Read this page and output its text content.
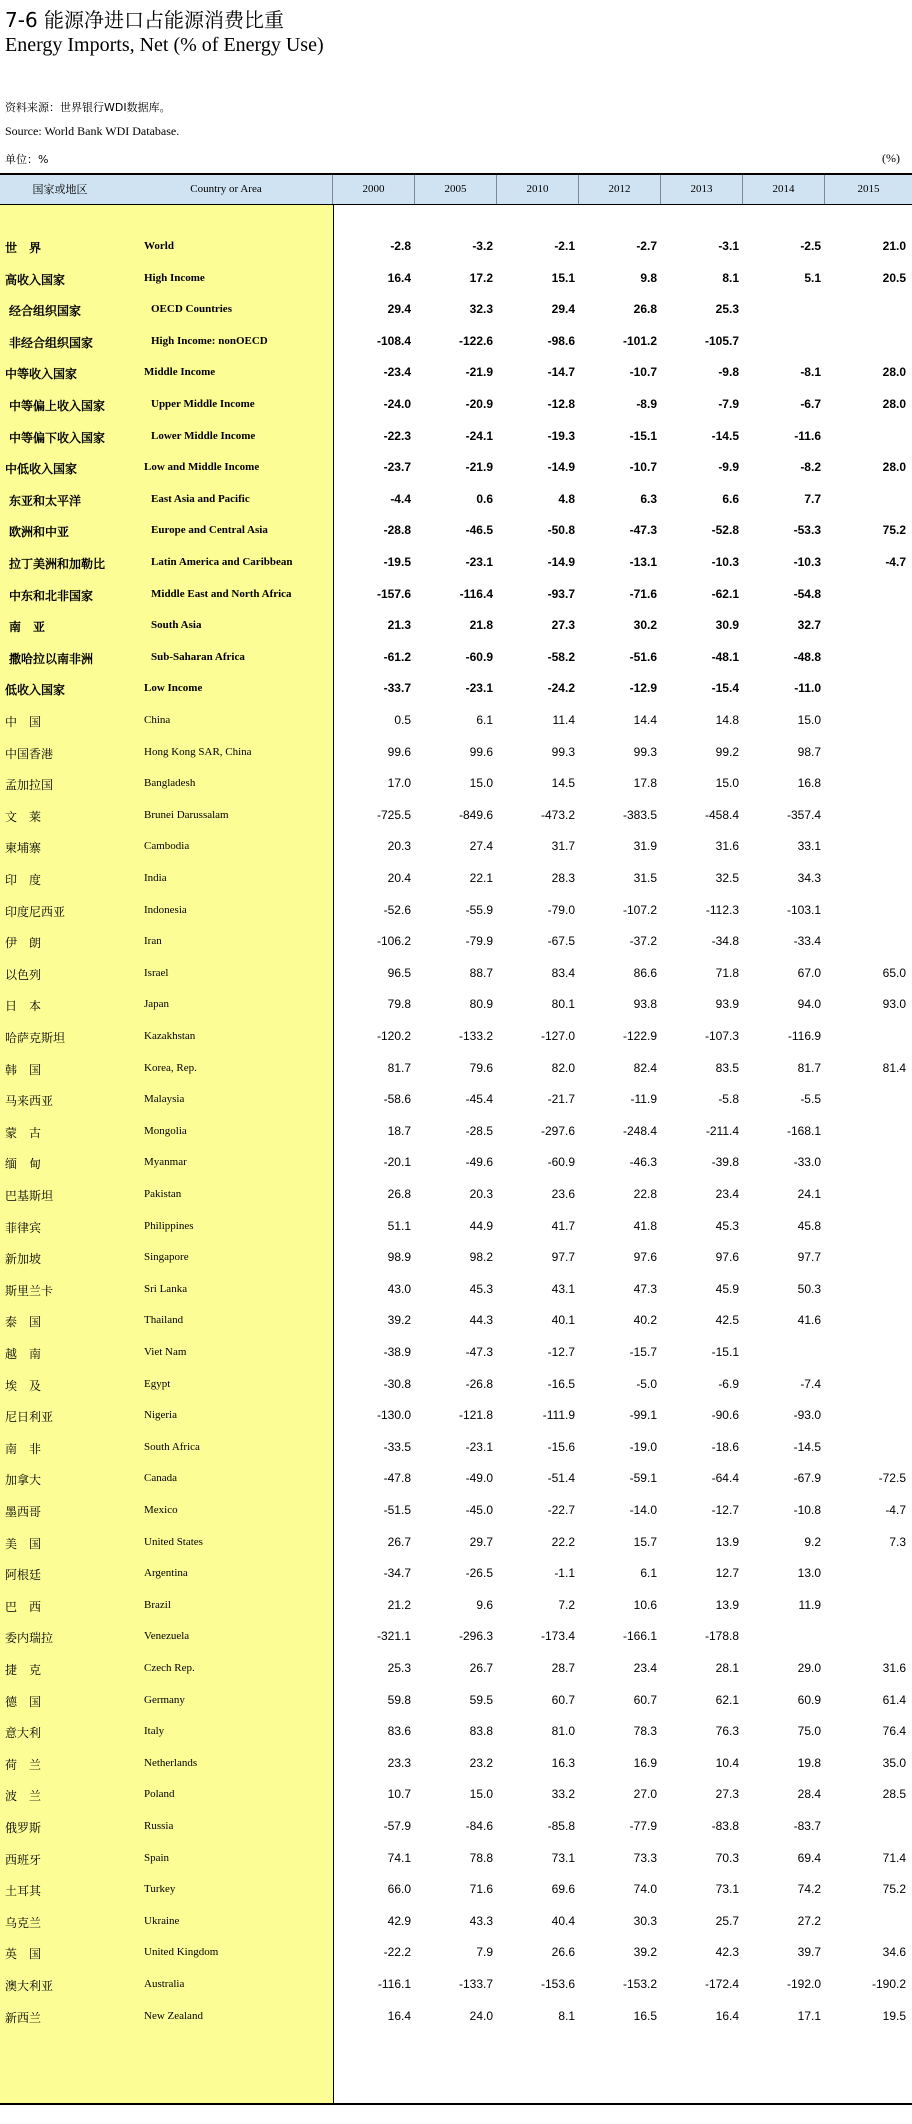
7-6 能源净进口占能源消费比重
Energy Imports, Net (% of Energy Use)
资料来源：世界银行WDI数据库。
Source: World Bank WDI Database.
单位：%	(%)
国家或地区	Country or Area	2000	2005	2010	2012	2013	2014	2015
世　界	World	-2.8	-3.2	-2.1	-2.7	-3.1	-2.5	21.0
高收入国家	High Income	16.4	17.2	15.1	9.8	8.1	5.1	20.5
经合组织国家	OECD Countries	29.4	32.3	29.4	26.8	25.3
非经合组织国家	High Income: nonOECD	-108.4	-122.6	-98.6	-101.2	-105.7
中等收入国家	Middle Income	-23.4	-21.9	-14.7	-10.7	-9.8	-8.1	28.0
中等偏上收入国家	Upper Middle Income	-24.0	-20.9	-12.8	-8.9	-7.9	-6.7	28.0
中等偏下收入国家	Lower Middle Income	-22.3	-24.1	-19.3	-15.1	-14.5	-11.6
中低收入国家	Low and Middle Income	-23.7	-21.9	-14.9	-10.7	-9.9	-8.2	28.0
东亚和太平洋	East Asia and Pacific	-4.4	0.6	4.8	6.3	6.6	7.7
欧洲和中亚	Europe and Central Asia	-28.8	-46.5	-50.8	-47.3	-52.8	-53.3	75.2
拉丁美洲和加勒比	Latin America and Caribbean	-19.5	-23.1	-14.9	-13.1	-10.3	-10.3	-4.7
中东和北非国家	Middle East and North Africa	-157.6	-116.4	-93.7	-71.6	-62.1	-54.8
南　亚	South Asia	21.3	21.8	27.3	30.2	30.9	32.7
撒哈拉以南非洲	Sub-Saharan Africa	-61.2	-60.9	-58.2	-51.6	-48.1	-48.8
低收入国家	Low Income	-33.7	-23.1	-24.2	-12.9	-15.4	-11.0
中　国	China	0.5	6.1	11.4	14.4	14.8	15.0
中国香港	Hong Kong SAR, China	99.6	99.6	99.3	99.3	99.2	98.7
孟加拉国	Bangladesh	17.0	15.0	14.5	17.8	15.0	16.8
文　莱	Brunei Darussalam	-725.5	-849.6	-473.2	-383.5	-458.4	-357.4
柬埔寨	Cambodia	20.3	27.4	31.7	31.9	31.6	33.1
印　度	India	20.4	22.1	28.3	31.5	32.5	34.3
印度尼西亚	Indonesia	-52.6	-55.9	-79.0	-107.2	-112.3	-103.1
伊　朗	Iran	-106.2	-79.9	-67.5	-37.2	-34.8	-33.4
以色列	Israel	96.5	88.7	83.4	86.6	71.8	67.0	65.0
日　本	Japan	79.8	80.9	80.1	93.8	93.9	94.0	93.0
哈萨克斯坦	Kazakhstan	-120.2	-133.2	-127.0	-122.9	-107.3	-116.9
韩　国	Korea, Rep.	81.7	79.6	82.0	82.4	83.5	81.7	81.4
马来西亚	Malaysia	-58.6	-45.4	-21.7	-11.9	-5.8	-5.5
蒙　古	Mongolia	18.7	-28.5	-297.6	-248.4	-211.4	-168.1
缅　甸	Myanmar	-20.1	-49.6	-60.9	-46.3	-39.8	-33.0
巴基斯坦	Pakistan	26.8	20.3	23.6	22.8	23.4	24.1
菲律宾	Philippines	51.1	44.9	41.7	41.8	45.3	45.8
新加坡	Singapore	98.9	98.2	97.7	97.6	97.6	97.7
斯里兰卡	Sri Lanka	43.0	45.3	43.1	47.3	45.9	50.3
泰　国	Thailand	39.2	44.3	40.1	40.2	42.5	41.6
越　南	Viet Nam	-38.9	-47.3	-12.7	-15.7	-15.1
埃　及	Egypt	-30.8	-26.8	-16.5	-5.0	-6.9	-7.4
尼日利亚	Nigeria	-130.0	-121.8	-111.9	-99.1	-90.6	-93.0
南　非	South Africa	-33.5	-23.1	-15.6	-19.0	-18.6	-14.5
加拿大	Canada	-47.8	-49.0	-51.4	-59.1	-64.4	-67.9	-72.5
墨西哥	Mexico	-51.5	-45.0	-22.7	-14.0	-12.7	-10.8	-4.7
美　国	United States	26.7	29.7	22.2	15.7	13.9	9.2	7.3
阿根廷	Argentina	-34.7	-26.5	-1.1	6.1	12.7	13.0
巴　西	Brazil	21.2	9.6	7.2	10.6	13.9	11.9
委内瑞拉	Venezuela	-321.1	-296.3	-173.4	-166.1	-178.8
捷　克	Czech Rep.	25.3	26.7	28.7	23.4	28.1	29.0	31.6
德　国	Germany	59.8	59.5	60.7	60.7	62.1	60.9	61.4
意大利	Italy	83.6	83.8	81.0	78.3	76.3	75.0	76.4
荷　兰	Netherlands	23.3	23.2	16.3	16.9	10.4	19.8	35.0
波　兰	Poland	10.7	15.0	33.2	27.0	27.3	28.4	28.5
俄罗斯	Russia	-57.9	-84.6	-85.8	-77.9	-83.8	-83.7
西班牙	Spain	74.1	78.8	73.1	73.3	70.3	69.4	71.4
土耳其	Turkey	66.0	71.6	69.6	74.0	73.1	74.2	75.2
乌克兰	Ukraine	42.9	43.3	40.4	30.3	25.7	27.2
英　国	United Kingdom	-22.2	7.9	26.6	39.2	42.3	39.7	34.6
澳大利亚	Australia	-116.1	-133.7	-153.6	-153.2	-172.4	-192.0	-190.2
新西兰	New Zealand	16.4	24.0	8.1	16.5	16.4	17.1	19.5
